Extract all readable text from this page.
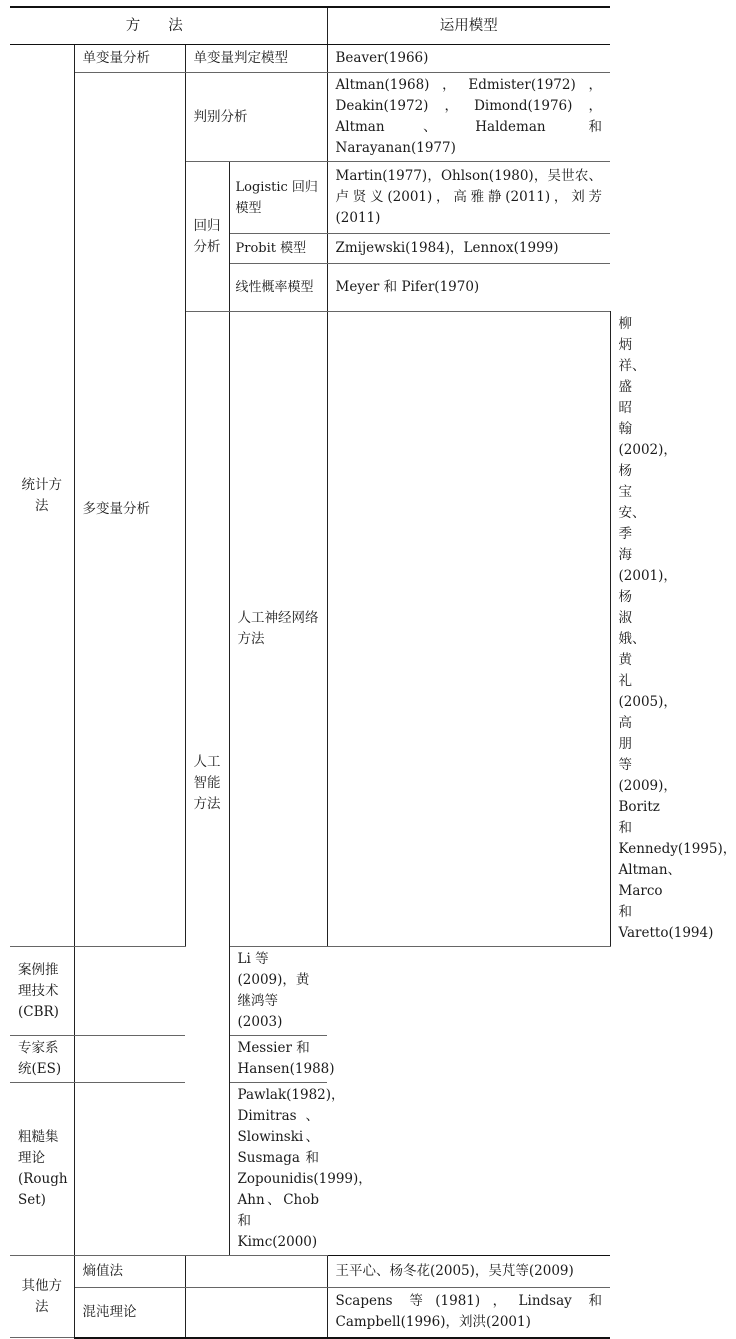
方法				运用模型	
统计方法	单变量分析	单变量判定模型		Beaver(1966)	
	多变量分析	判别分析		Altman(1968)，Edmister(1972)，Deakin(1972)，Dimond(1976)，Altman、Haldeman 和 Narayanan(1977)	
		回归分析	Logistic 回归模型	Martin(1977)，Ohlson(1980)，吴世农、卢贤义(2001)，高雅静(2011)，刘芳(2011)	
			Probit 模型	Zmijewski(1984)，Lennox(1999)	
			线性概率模型	Meyer 和 Pifer(1970)	
		人工智能方法	人工神经网络方法		柳炳祥、盛昭翰(2002)，杨宝安、季海(2001)，杨淑娥、黄礼(2005)，高朋等(2009)，Boritz 和 Kennedy(1995)，Altman、Marco 和 Varetto(1994)
案例推理技术(CBR)			Li 等(2009)，黄继鸿等(2003)		
专家系统(ES)			Messier 和 Hansen(1988)		
粗糙集理论(Rough Set)			Pawlak(1982)，Dimitras、Slowinski、Susmaga 和 Zopounidis(1999)，Ahn、Chob 和 Kimc(2000)		
其他方法	熵值法			王平心、杨冬花(2005)，吴芃等(2009)	
	混沌理论			Scapens 等(1981)，Lindsay 和 Campbell(1996)，刘洪(2001)	
